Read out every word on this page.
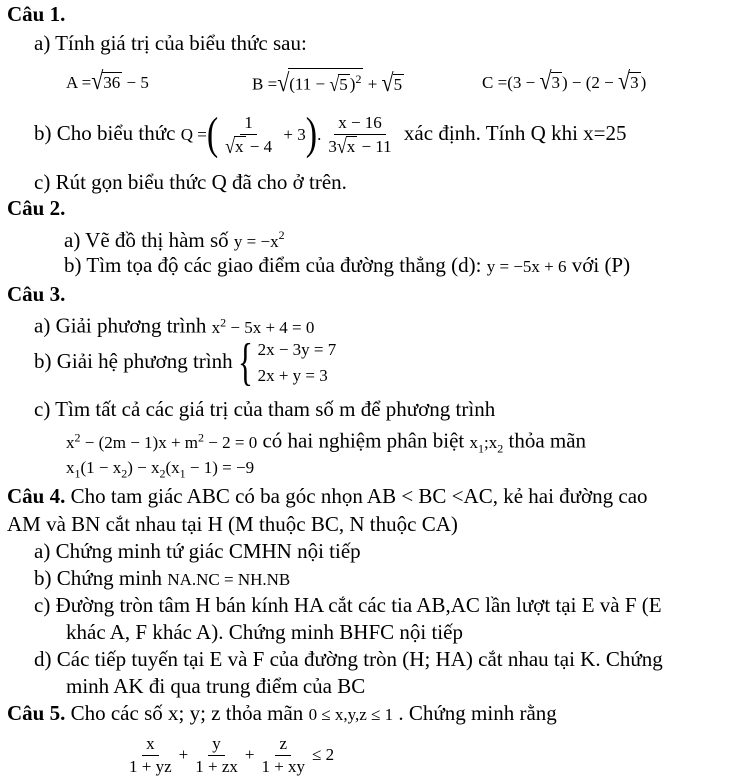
Câu 1.
a) Tính giá trị của biểu thức sau:
A =√36 − 5	B =√(11 − √5 )$^2$ + √5	C =(3 − √3 ) − (2 − √3 )
b) Cho biểu thức Q =( $\frac{1}{√x - 4} + 3$). $\frac{x - 16}{3√x - 11}$ xác định. Tính Q khi x=25
c) Rút gọn biểu thức Q đã cho ở trên.
Câu 2.
a) Vẽ đồ thị hàm số $y = -x^2$
b) Tìm tọa độ các giao điểm của đường thẳng (d): y = −5x + 6 với (P)
Câu 3.
a) Giải phương trình $x^2 - 5x + 4 = 0$
b) Giải hệ phương trình{ 2x − 3y = 7
2x + y = 3
c) Tìm tất cả các giá trị của tham số m để phương trình
$x^2 - (2m - 1)x + m^2 - 2 = 0$ có hai nghiệm phân biệt $x_1;x_2$ thỏa mãn
$x_1(1 - x_2) - x_2(x_1 - 1) = -9$
Câu 4. Cho tam giác ABC có ba góc nhọn AB < BC <AC, kẻ hai đường cao
AM và BN cắt nhau tại H (M thuộc BC, N thuộc CA)
a) Chứng minh tứ giác CMHN nội tiếp
b) Chứng minh NA.NC = NH.NB
c) Đường tròn tâm H bán kính HA cắt các tia AB,AC lần lượt tại E và F (E
khác A, F khác A). Chứng minh BHFC nội tiếp
d) Các tiếp tuyến tại E và F của đường tròn (H; HA) cắt nhau tại K. Chứng
minh AK đi qua trung điểm của BC
Câu 5. Cho các số x; y; z thỏa mãn 0 ≤ x,y,z ≤ 1 . Chứng minh rằng
$\frac{x}{1 + yz} + \frac{y}{1 + zx} + \frac{z}{1 + xy} \le 2$
